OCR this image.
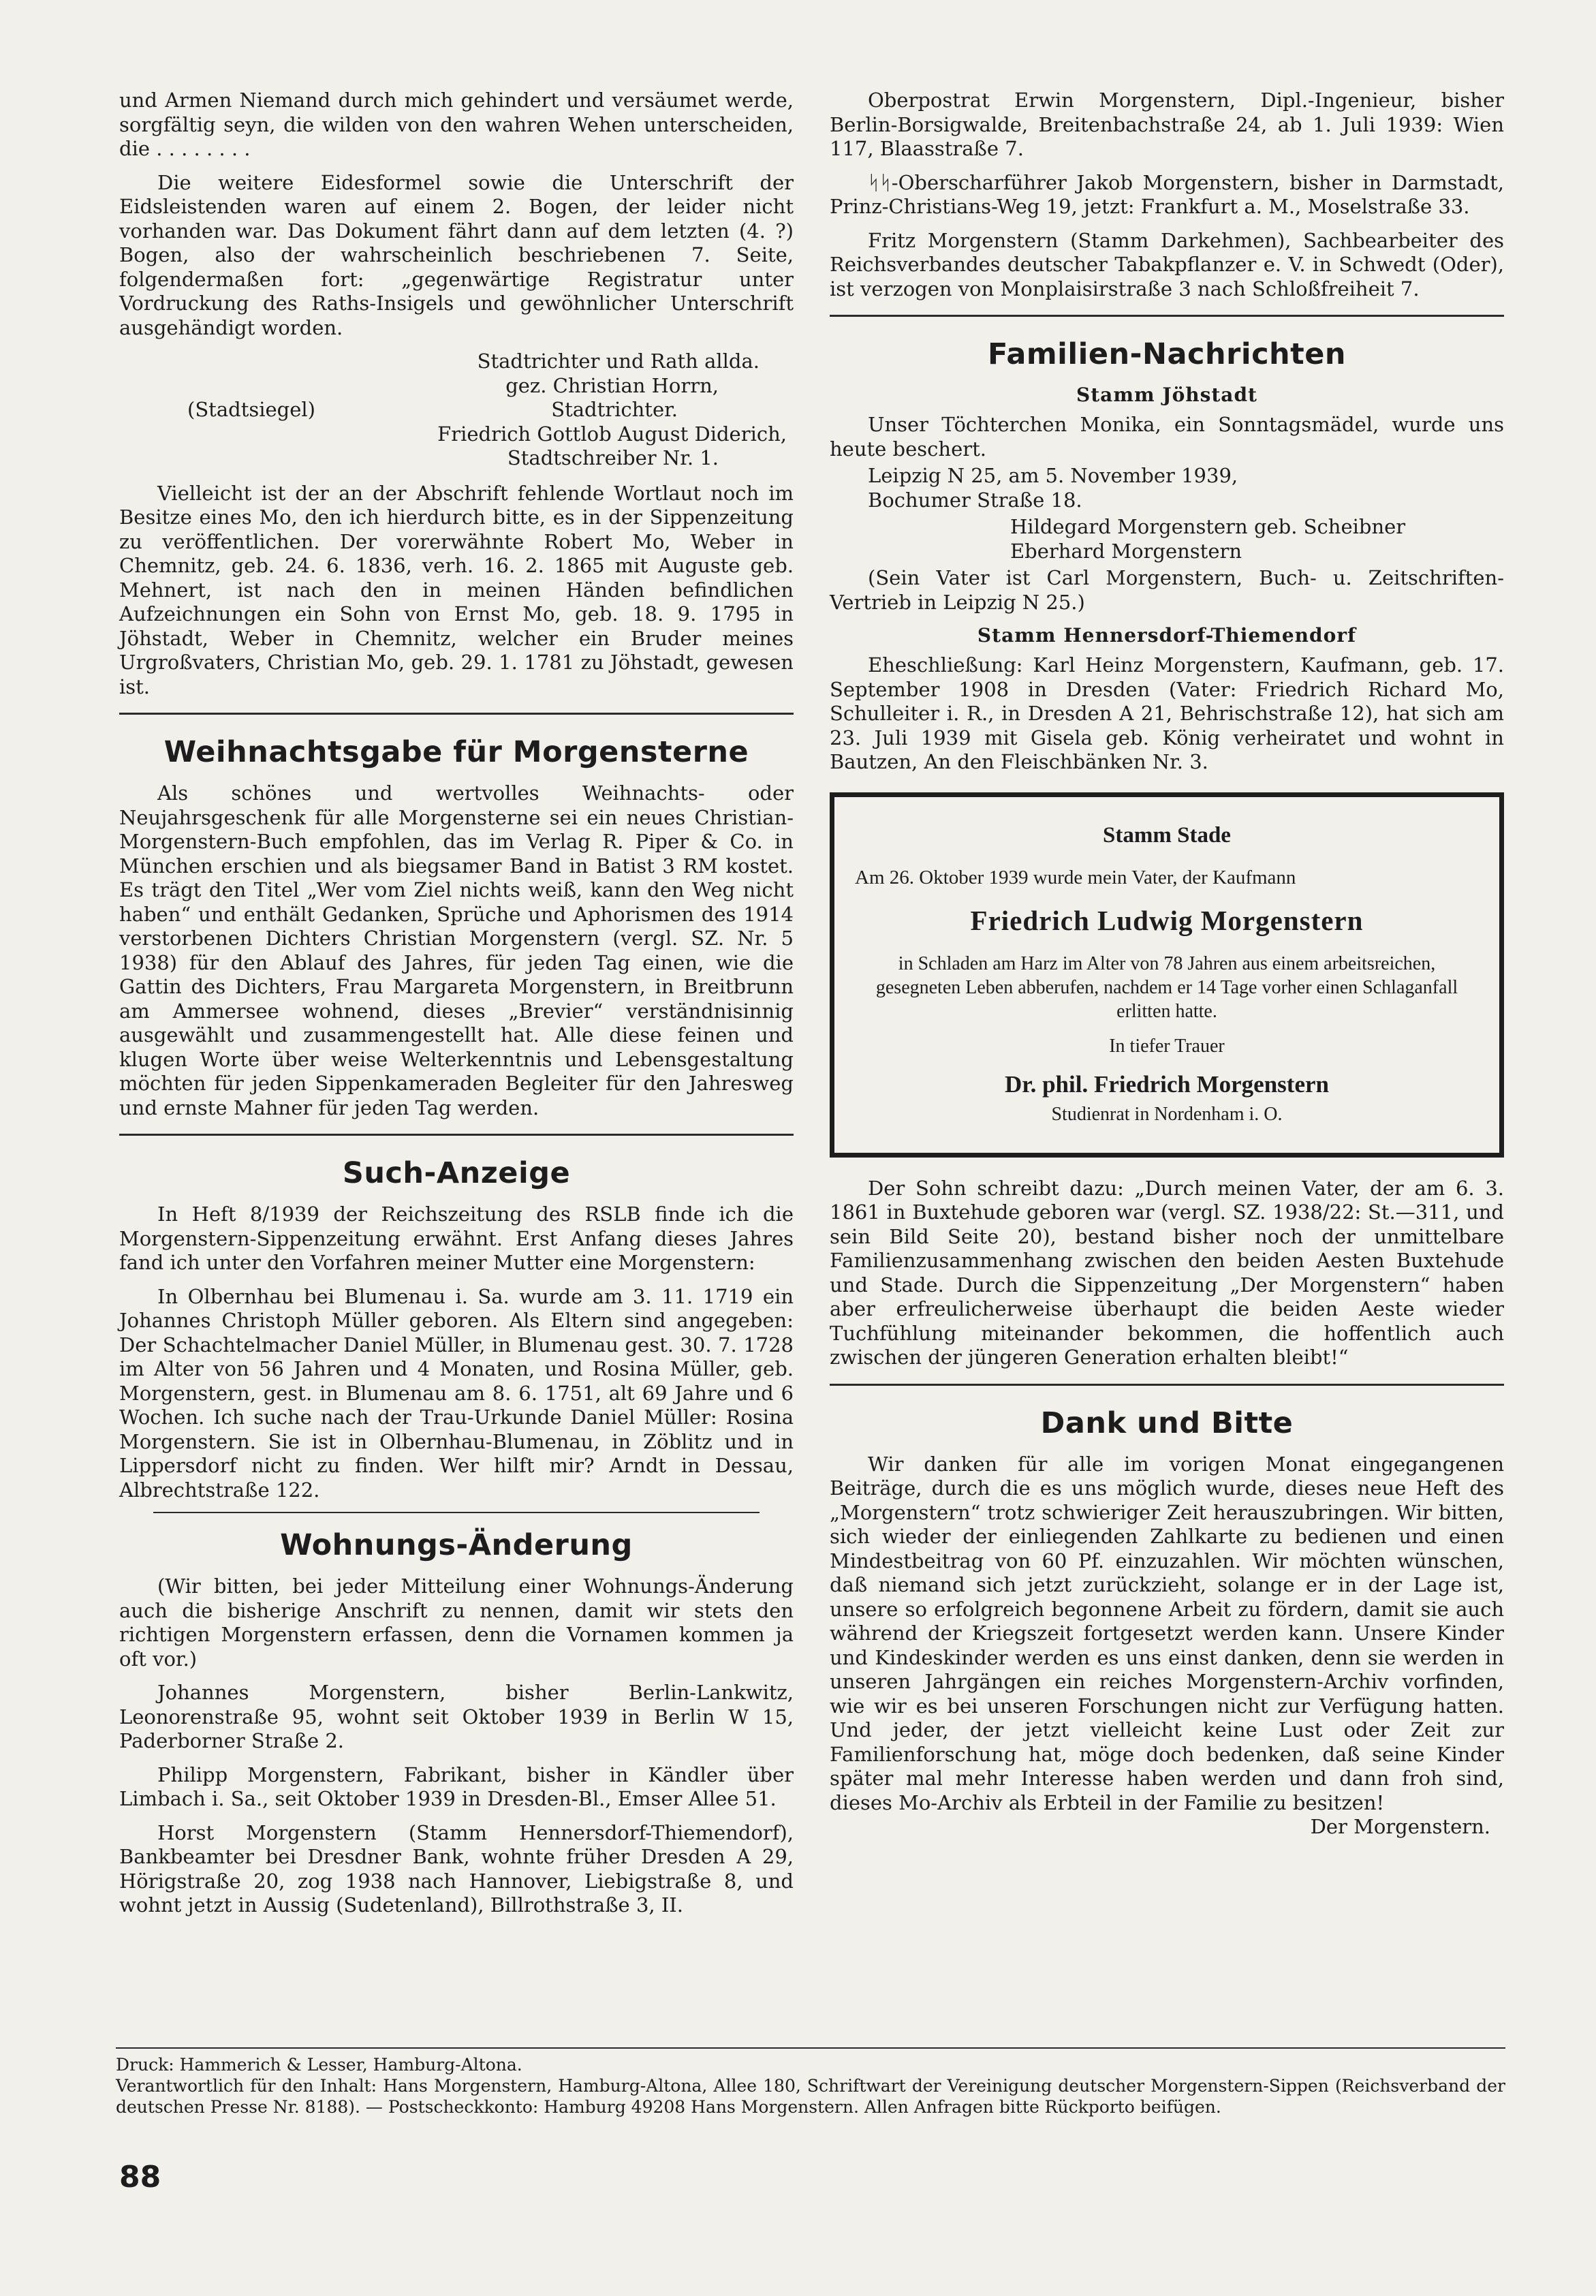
und Armen Niemand durch mich gehindert und versäumet werde, sorgfältig seyn, die wilden von den wahren Wehen unterscheiden, die . . . . . . . .

Die weitere Eidesformel sowie die Unterschrift der Eidsleistenden waren auf einem 2. Bogen, der leider nicht vorhanden war. Das Dokument fährt dann auf dem letzten (4. ?) Bogen, also der wahrscheinlich beschriebenen 7. Seite, folgendermaßen fort: „gegenwärtige Registratur unter Vordruckung des Raths-Insigels und gewöhnlicher Unterschrift ausgehändigt worden.

Stadtrichter und Rath allda.
gez. Christian Horrn,
(Stadtsiegel)	Stadtrichter.
Friedrich Gottlob August Diderich,
Stadtschreiber Nr. 1.

Vielleicht ist der an der Abschrift fehlende Wortlaut noch im Besitze eines Mo, den ich hierdurch bitte, es in der Sippenzeitung zu veröffentlichen. Der vorerwähnte Robert Mo, Weber in Chemnitz, geb. 24. 6. 1836, verh. 16. 2. 1865 mit Auguste geb. Mehnert, ist nach den in meinen Händen befindlichen Aufzeichnungen ein Sohn von Ernst Mo, geb. 18. 9. 1795 in Jöhstadt, Weber in Chemnitz, welcher ein Bruder meines Urgroßvaters, Christian Mo, geb. 29. 1. 1781 zu Jöhstadt, gewesen ist.

Weihnachtsgabe für Morgensterne

Als schönes und wertvolles Weihnachts- oder Neujahrsgeschenk für alle Morgensterne sei ein neues Christian-Morgenstern-Buch empfohlen, das im Verlag R. Piper & Co. in München erschien und als biegsamer Band in Batist 3 RM kostet. Es trägt den Titel „Wer vom Ziel nichts weiß, kann den Weg nicht haben“ und enthält Gedanken, Sprüche und Aphorismen des 1914 verstorbenen Dichters Christian Morgenstern (vergl. SZ. Nr. 5 1938) für den Ablauf des Jahres, für jeden Tag einen, wie die Gattin des Dichters, Frau Margareta Morgenstern, in Breitbrunn am Ammersee wohnend, dieses „Brevier“ verständnisinnig ausgewählt und zusammengestellt hat. Alle diese feinen und klugen Worte über weise Welterkenntnis und Lebensgestaltung möchten für jeden Sippenkameraden Begleiter für den Jahresweg und ernste Mahner für jeden Tag werden.

Such-Anzeige

In Heft 8/1939 der Reichszeitung des RSLB finde ich die Morgenstern-Sippenzeitung erwähnt. Erst Anfang dieses Jahres fand ich unter den Vorfahren meiner Mutter eine Morgenstern:

In Olbernhau bei Blumenau i. Sa. wurde am 3. 11. 1719 ein Johannes Christoph Müller geboren. Als Eltern sind angegeben: Der Schachtelmacher Daniel Müller, in Blumenau gest. 30. 7. 1728 im Alter von 56 Jahren und 4 Monaten, und Rosina Müller, geb. Morgenstern, gest. in Blumenau am 8. 6. 1751, alt 69 Jahre und 6 Wochen. Ich suche nach der Trau-Urkunde Daniel Müller: Rosina Morgenstern. Sie ist in Olbernhau-Blumenau, in Zöblitz und in Lippersdorf nicht zu finden. Wer hilft mir? Arndt in Dessau, Albrechtstraße 122.

Wohnungs-Änderung

(Wir bitten, bei jeder Mitteilung einer Wohnungs-Änderung auch die bisherige Anschrift zu nennen, damit wir stets den richtigen Morgenstern erfassen, denn die Vornamen kommen ja oft vor.)

Johannes Morgenstern, bisher Berlin-Lankwitz, Leonorenstraße 95, wohnt seit Oktober 1939 in Berlin W 15, Paderborner Straße 2.

Philipp Morgenstern, Fabrikant, bisher in Kändler über Limbach i. Sa., seit Oktober 1939 in Dresden-Bl., Emser Allee 51.

Horst Morgenstern (Stamm Hennersdorf-Thiemendorf), Bankbeamter bei Dresdner Bank, wohnte früher Dresden A 29, Hörigstraße 20, zog 1938 nach Hannover, Liebigstraße 8, und wohnt jetzt in Aussig (Sudetenland), Billrothstraße 3, II.

Oberpostrat Erwin Morgenstern, Dipl.-Ingenieur, bisher Berlin-Borsigwalde, Breitenbachstraße 24, ab 1. Juli 1939: Wien 117, Blaasstraße 7.

ᛋᛋ-Oberscharführer Jakob Morgenstern, bisher in Darmstadt, Prinz-Christians-Weg 19, jetzt: Frankfurt a. M., Moselstraße 33.

Fritz Morgenstern (Stamm Darkehmen), Sachbearbeiter des Reichsverbandes deutscher Tabakpflanzer e. V. in Schwedt (Oder), ist verzogen von Monplaisirstraße 3 nach Schloßfreiheit 7.

Familien-Nachrichten
Stamm Jöhstadt

Unser Töchterchen Monika, ein Sonntagsmädel, wurde uns heute beschert.

Leipzig N 25, am 5. November 1939,

Bochumer Straße 18.

Hildegard Morgenstern geb. Scheibner

Eberhard Morgenstern

(Sein Vater ist Carl Morgenstern, Buch- u. Zeitschriften-Vertrieb in Leipzig N 25.)

Stamm Hennersdorf-Thiemendorf

Eheschließung: Karl Heinz Morgenstern, Kaufmann, geb. 17. September 1908 in Dresden (Vater: Friedrich Richard Mo, Schulleiter i. R., in Dresden A 21, Behrischstraße 12), hat sich am 23. Juli 1939 mit Gisela geb. König verheiratet und wohnt in Bautzen, An den Fleischbänken Nr. 3.

Stamm Stade
Am 26. Oktober 1939 wurde mein Vater, der Kaufmann
Friedrich Ludwig Morgenstern
in Schladen am Harz im Alter von 78 Jahren aus einem arbeitsreichen, gesegneten Leben abberufen, nachdem er 14 Tage vorher einen Schlaganfall erlitten hatte.
In tiefer Trauer
Dr. phil. Friedrich Morgenstern
Studienrat in Nordenham i. O.

Der Sohn schreibt dazu: „Durch meinen Vater, der am 6. 3. 1861 in Buxtehude geboren war (vergl. SZ. 1938/22: St.—311, und sein Bild Seite 20), bestand bisher noch der unmittelbare Familienzusammenhang zwischen den beiden Aesten Buxtehude und Stade. Durch die Sippenzeitung „Der Morgenstern“ haben aber erfreulicherweise überhaupt die beiden Aeste wieder Tuchfühlung miteinander bekommen, die hoffentlich auch zwischen der jüngeren Generation erhalten bleibt!“

Dank und Bitte

Wir danken für alle im vorigen Monat eingegangenen Beiträge, durch die es uns möglich wurde, dieses neue Heft des „Morgenstern“ trotz schwieriger Zeit herauszubringen. Wir bitten, sich wieder der einliegenden Zahlkarte zu bedienen und einen Mindestbeitrag von 60 Pf. einzuzahlen. Wir möchten wünschen, daß niemand sich jetzt zurückzieht, solange er in der Lage ist, unsere so erfolgreich begonnene Arbeit zu fördern, damit sie auch während der Kriegszeit fortgesetzt werden kann. Unsere Kinder und Kindeskinder werden es uns einst danken, denn sie werden in unseren Jahrgängen ein reiches Morgenstern-Archiv vorfinden, wie wir es bei unseren Forschungen nicht zur Verfügung hatten. Und jeder, der jetzt vielleicht keine Lust oder Zeit zur Familienforschung hat, möge doch bedenken, daß seine Kinder später mal mehr Interesse haben werden und dann froh sind, dieses Mo-Archiv als Erbteil in der Familie zu besitzen!

Der Morgenstern.

Druck: Hammerich & Lesser, Hamburg-Altona.

Verantwortlich für den Inhalt: Hans Morgenstern, Hamburg-Altona, Allee 180, Schriftwart der Vereinigung deutscher Morgenstern-Sippen (Reichsverband der deutschen Presse Nr. 8188). — Postscheckkonto: Hamburg 49208 Hans Morgenstern. Allen Anfragen bitte Rückporto beifügen.

88
